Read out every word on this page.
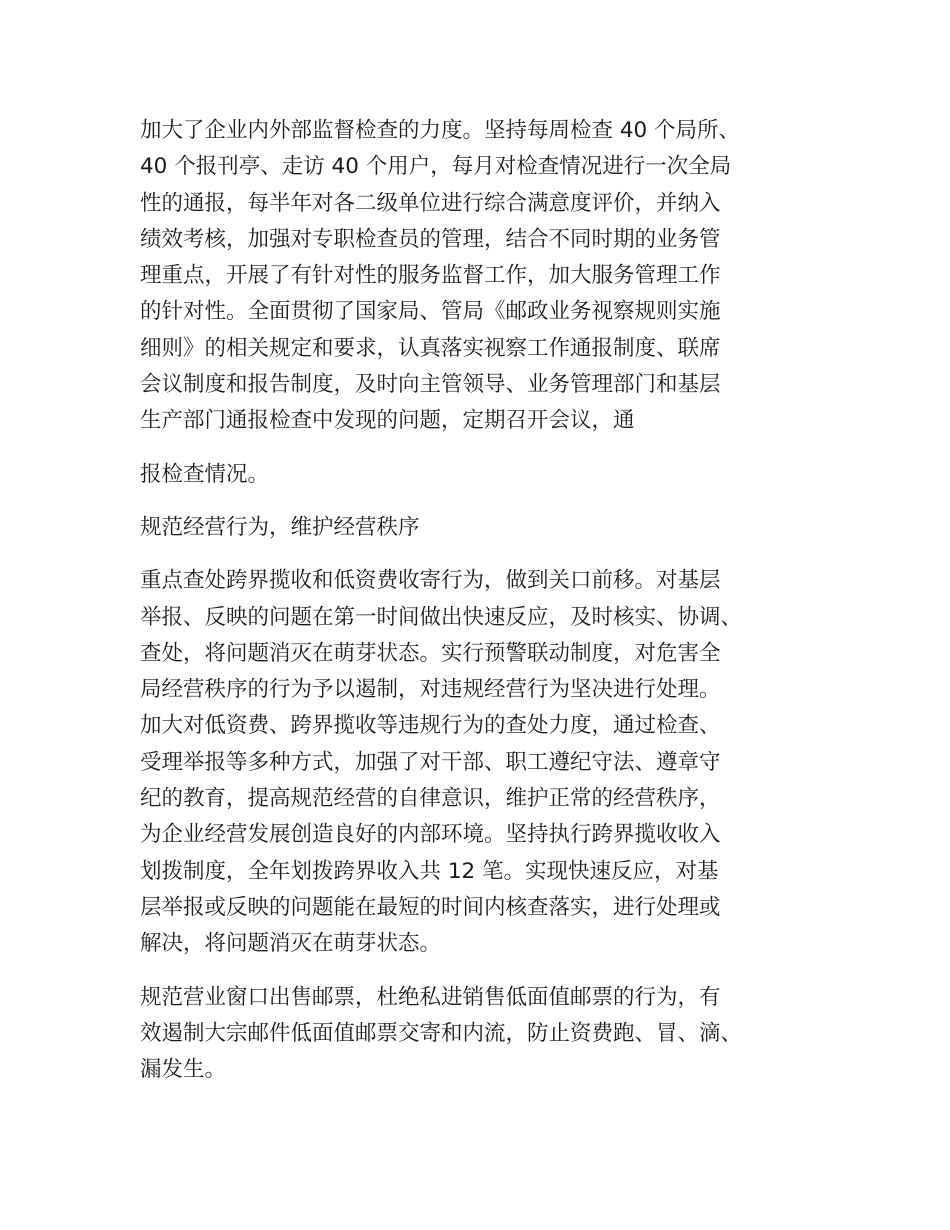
加大了企业内外部监督检查的力度。坚持每周检查 40 个局所、
40 个报刊亭、走访 40 个用户，每月对检查情况进行一次全局
性的通报，每半年对各二级单位进行综合满意度评价，并纳入
绩效考核，加强对专职检查员的管理，结合不同时期的业务管
理重点，开展了有针对性的服务监督工作，加大服务管理工作
的针对性。全面贯彻了国家局、管局《邮政业务视察规则实施
细则》的相关规定和要求，认真落实视察工作通报制度、联席
会议制度和报告制度，及时向主管领导、业务管理部门和基层
生产部门通报检查中发现的问题，定期召开会议，通

报检查情况。

规范经营行为，维护经营秩序

重点查处跨界揽收和低资费收寄行为，做到关口前移。对基层
举报、反映的问题在第一时间做出快速反应，及时核实、协调、
查处，将问题消灭在萌芽状态。实行预警联动制度，对危害全
局经营秩序的行为予以遏制，对违规经营行为坚决进行处理。
加大对低资费、跨界揽收等违规行为的查处力度，通过检查、
受理举报等多种方式，加强了对干部、职工遵纪守法、遵章守
纪的教育，提高规范经营的自律意识，维护正常的经营秩序，
为企业经营发展创造良好的内部环境。坚持执行跨界揽收收入
划拨制度，全年划拨跨界收入共 12 笔。实现快速反应，对基
层举报或反映的问题能在最短的时间内核查落实，进行处理或
解决，将问题消灭在萌芽状态。

规范营业窗口出售邮票，杜绝私进销售低面值邮票的行为，有
效遏制大宗邮件低面值邮票交寄和内流，防止资费跑、冒、滴、
漏发生。
